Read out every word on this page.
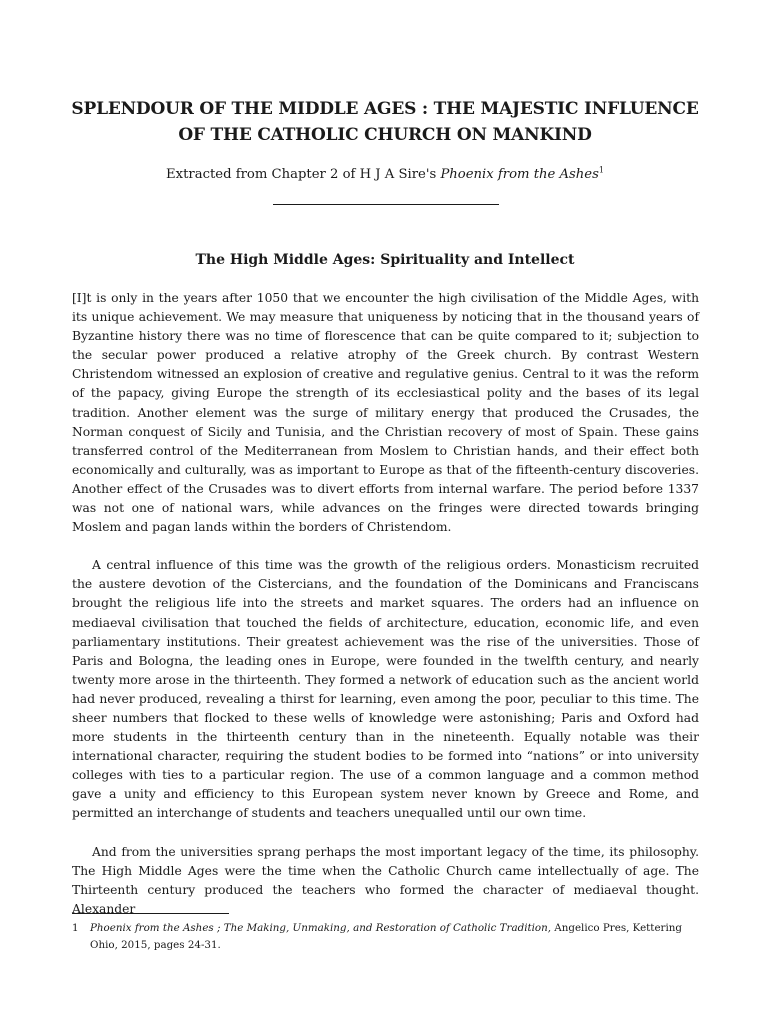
SPLENDOUR OF THE MIDDLE AGES : THE MAJESTIC INFLUENCE OF THE CATHOLIC CHURCH ON MANKIND
Extracted from Chapter 2 of H J A Sire's Phoenix from the Ashes$^1$
The High Middle Ages: Spirituality and Intellect

[I]t is only in the years after 1050 that we encounter the high civilisation of the Middle Ages, with its unique achievement. We may measure that uniqueness by noticing that in the thousand years of Byzantine history there was no time of florescence that can be quite compared to it; subjection to the secular power produced a relative atrophy of the Greek church. By contrast Western Christendom witnessed an explosion of creative and regulative genius. Central to it was the reform of the papacy, giving Europe the strength of its ecclesiastical polity and the bases of its legal tradition. Another element was the surge of military energy that produced the Crusades, the Norman conquest of Sicily and Tunisia, and the Christian recovery of most of Spain. These gains transferred control of the Mediterranean from Moslem to Christian hands, and their effect both economically and culturally, was as important to Europe as that of the fifteenth-century discoveries. Another effect of the Crusades was to divert efforts from internal warfare. The period before 1337 was not one of national wars, while advances on the fringes were directed towards bringing Moslem and pagan lands within the borders of Christendom.

A central influence of this time was the growth of the religious orders. Monasticism recruited the austere devotion of the Cistercians, and the foundation of the Dominicans and Franciscans brought the religious life into the streets and market squares. The orders had an influence on mediaeval civilisation that touched the fields of architecture, education, economic life, and even parliamentary institutions. Their greatest achievement was the rise of the universities. Those of Paris and Bologna, the leading ones in Europe, were founded in the twelfth century, and nearly twenty more arose in the thirteenth. They formed a network of education such as the ancient world had never produced, revealing a thirst for learning, even among the poor, peculiar to this time. The sheer numbers that flocked to these wells of knowledge were astonishing; Paris and Oxford had more students in the thirteenth century than in the nineteenth. Equally notable was their international character, requiring the student bodies to be formed into “nations” or into university colleges with ties to a particular region. The use of a common language and a common method gave a unity and efficiency to this European system never known by Greece and Rome, and permitted an interchange of students and teachers unequalled until our own time.

And from the universities sprang perhaps the most important legacy of the time, its philosophy. The High Middle Ages were the time when the Catholic Church came intellectually of age. The Thirteenth century produced the teachers who formed the character of mediaeval thought. Alexander

1 Phoenix from the Ashes ; The Making, Unmaking, and Restoration of Catholic Tradition, Angelico Pres, Kettering Ohio, 2015, pages 24-31.
